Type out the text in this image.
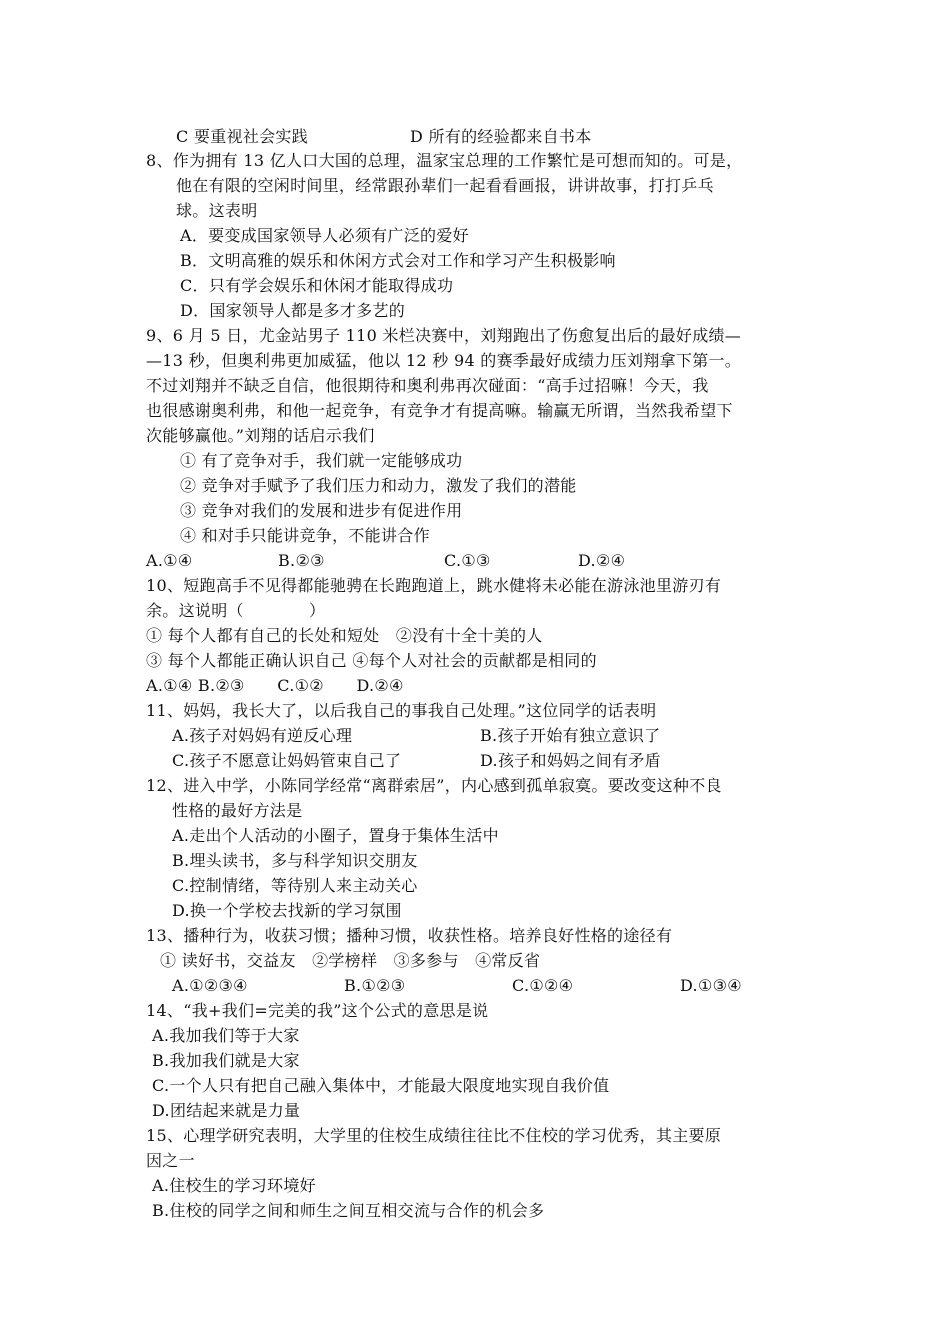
C 要重视社会实践	D 所有的经验都来自书本
8、作为拥有 13 亿人口大国的总理，温家宝总理的工作繁忙是可想而知的。可是，
他在有限的空闲时间里，经常跟孙辈们一起看看画报，讲讲故事，打打乒乓
球。这表明
A．要变成国家领导人必须有广泛的爱好
B．文明高雅的娱乐和休闲方式会对工作和学习产生积极影响
C．只有学会娱乐和休闲才能取得成功
D．国家领导人都是多才多艺的
9、6 月 5 日，尤金站男子 110 米栏决赛中，刘翔跑出了伤愈复出后的最好成绩—
—13 秒，但奥利弗更加威猛，他以 12 秒 94 的赛季最好成绩力压刘翔拿下第一。
不过刘翔并不缺乏自信，他很期待和奥利弗再次碰面：“高手过招嘛！今天，我
也很感谢奥利弗，和他一起竞争，有竞争才有提高嘛。输赢无所谓，当然我希望下
次能够赢他。”刘翔的话启示我们
① 有了竞争对手，我们就一定能够成功
② 竞争对手赋予了我们压力和动力，激发了我们的潜能
③ 竞争对我们的发展和进步有促进作用
④ 和对手只能讲竞争，不能讲合作
A.①④	B.②③	C.①③	D.②④
10、短跑高手不见得都能驰骋在长跑跑道上，跳水健将未必能在游泳池里游刃有
余。这说明（　　　　）
① 每个人都有自己的长处和短处　②没有十全十美的人
③ 每个人都能正确认识自己 ④每个人对社会的贡献都是相同的
A.①④ B.②③　　C.①②　　D.②④
11、妈妈，我长大了，以后我自己的事我自己处理。”这位同学的话表明
A.孩子对妈妈有逆反心理	B.孩子开始有独立意识了
C.孩子不愿意让妈妈管束自己了	D.孩子和妈妈之间有矛盾
12、进入中学，小陈同学经常“离群索居”，内心感到孤单寂寞。要改变这种不良
性格的最好方法是
A.走出个人活动的小圈子，置身于集体生活中
B.埋头读书，多与科学知识交朋友
C.控制情绪，等待别人来主动关心
D.换一个学校去找新的学习氛围
13、播种行为，收获习惯；播种习惯，收获性格。培养良好性格的途径有
① 读好书，交益友　②学榜样　③多参与　④常反省
A.①②③④	B.①②③	C.①②④	D.①③④
14、“我+我们=完美的我”这个公式的意思是说
A.我加我们等于大家
B.我加我们就是大家
C.一个人只有把自己融入集体中，才能最大限度地实现自我价值
D.团结起来就是力量
15、心理学研究表明，大学里的住校生成绩往往比不住校的学习优秀，其主要原
因之一
A.住校生的学习环境好
B.住校的同学之间和师生之间互相交流与合作的机会多
